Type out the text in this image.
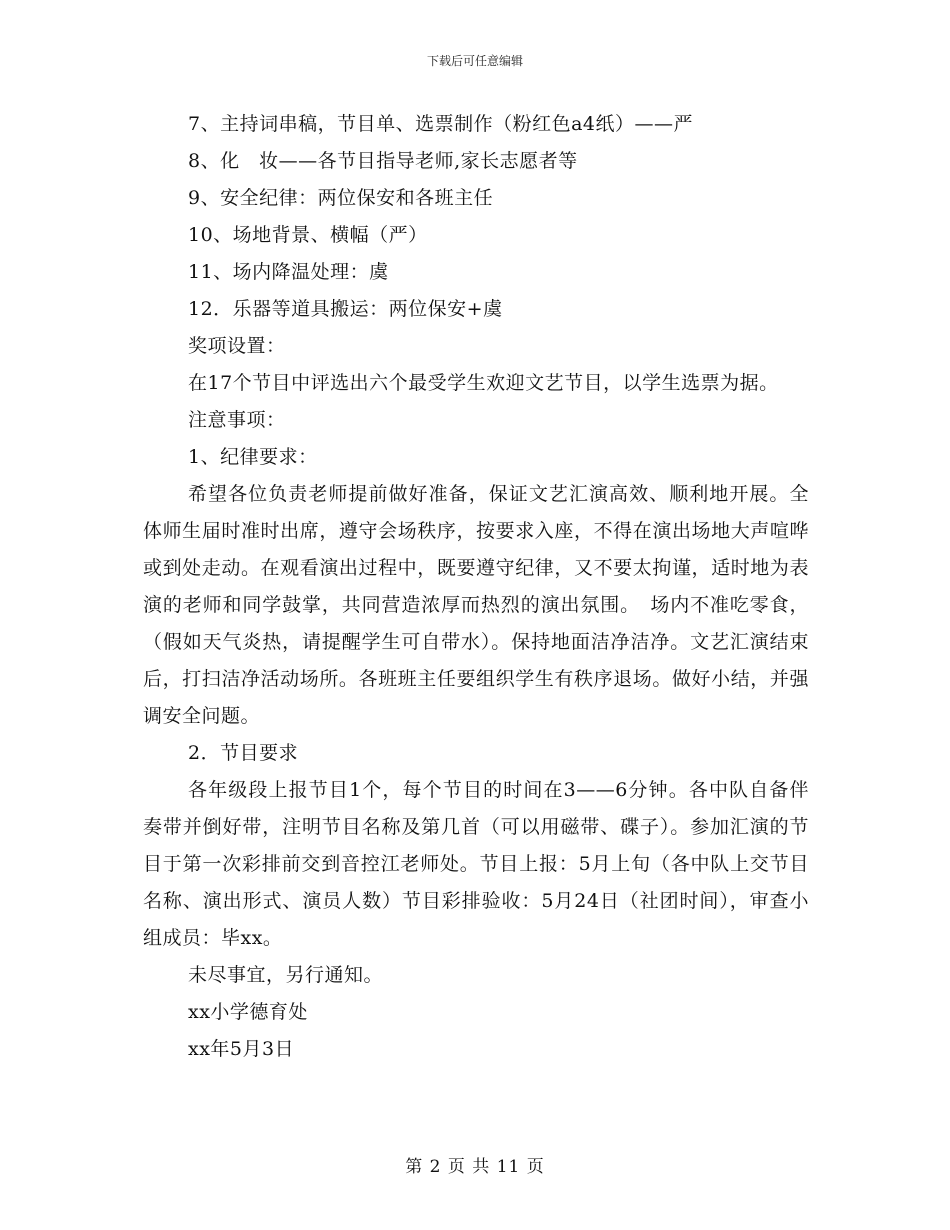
下载后可任意编辑

7、主持词串稿，节目单、选票制作（粉红色a4纸）——严

8、化　妆——各节目指导老师,家长志愿者等

9、安全纪律：两位保安和各班主任

10、场地背景、横幅（严）

11、场内降温处理：虞

12．乐器等道具搬运：两位保安+虞

奖项设置：

在17个节目中评选出六个最受学生欢迎文艺节目，以学生选票为据。

注意事项：

1、纪律要求：

希望各位负责老师提前做好准备，保证文艺汇演高效、顺利地开展。全体师生届时准时出席，遵守会场秩序，按要求入座，不得在演出场地大声喧哗或到处走动。在观看演出过程中，既要遵守纪律，又不要太拘谨，适时地为表演的老师和同学鼓掌，共同营造浓厚而热烈的演出氛围。　场内不准吃零食，（假如天气炎热，请提醒学生可自带水）。保持地面洁净洁净。文艺汇演结束后，打扫洁净活动场所。各班班主任要组织学生有秩序退场。做好小结，并强调安全问题。

2．节目要求

各年级段上报节目1个，每个节目的时间在3——6分钟。各中队自备伴奏带并倒好带，注明节目名称及第几首（可以用磁带、碟子）。参加汇演的节目于第一次彩排前交到音控江老师处。节目上报：5月上旬（各中队上交节目名称、演出形式、演员人数）节目彩排验收：5月24日（社团时间），审查小组成员：毕xx。

未尽事宜，另行通知。

xx小学德育处

xx年5月3日

第 2 页 共 11 页
